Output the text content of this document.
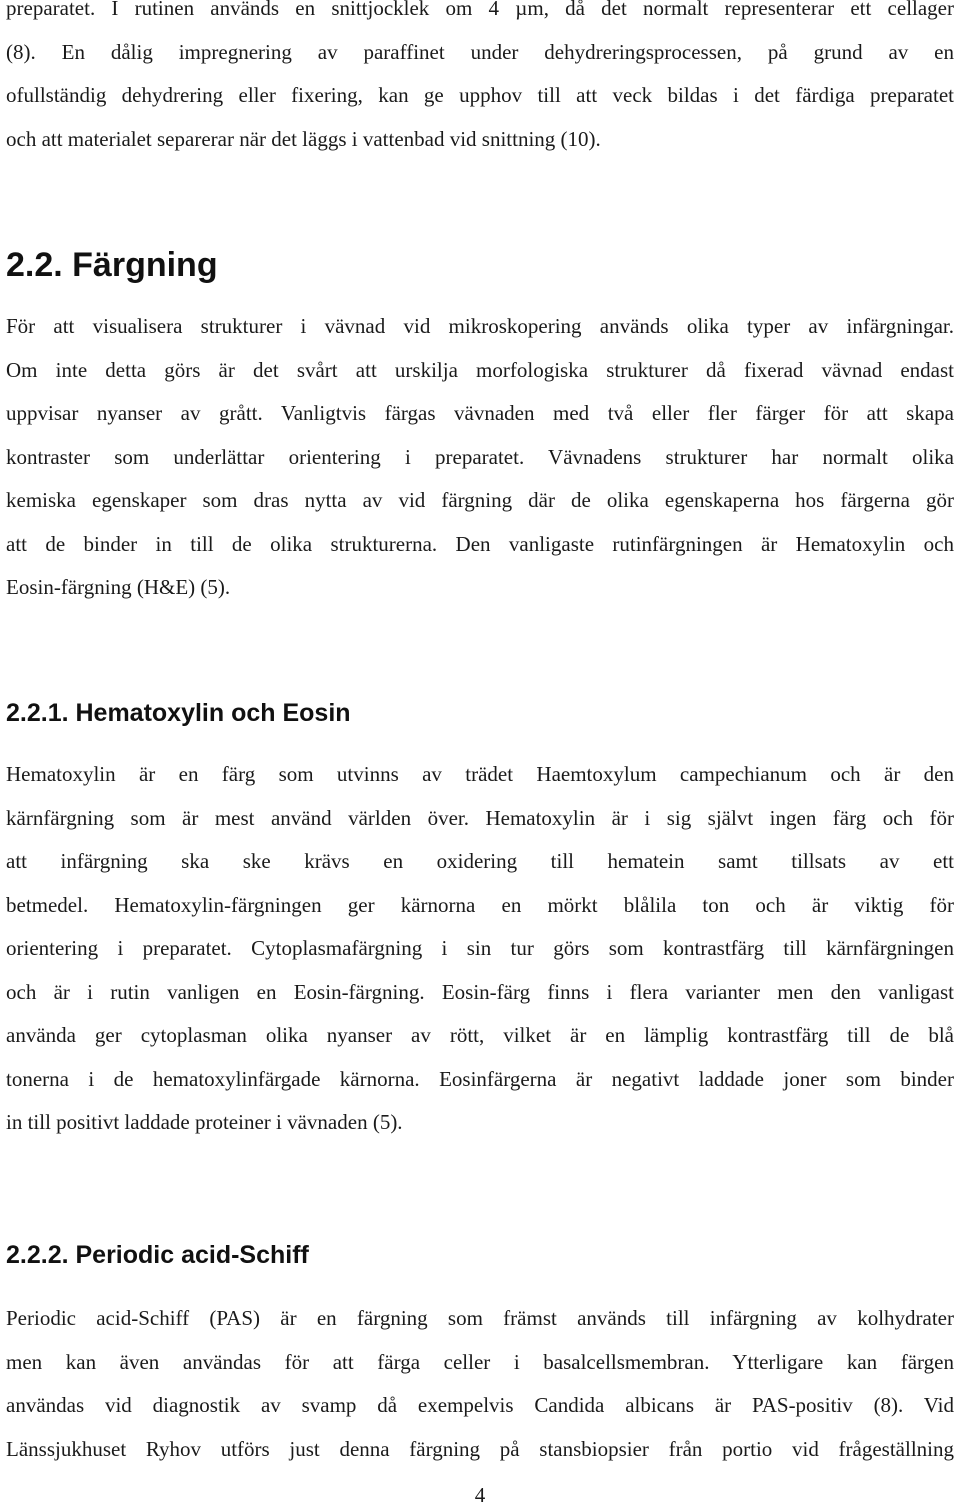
preparatet. I rutinen används en snittjocklek om 4 µm, då det normalt representerar ett cellager
(8). En dålig impregnering av paraffinet under dehydreringsprocessen, på grund av en
ofullständig dehydrering eller fixering, kan ge upphov till att veck bildas i det färdiga preparatet
och att materialet separerar när det läggs i vattenbad vid snittning (10).
2.2. Färgning
För att visualisera strukturer i vävnad vid mikroskopering används olika typer av infärgningar.
Om inte detta görs är det svårt att urskilja morfologiska strukturer då fixerad vävnad endast
uppvisar nyanser av grått. Vanligtvis färgas vävnaden med två eller fler färger för att skapa
kontraster som underlättar orientering i preparatet. Vävnadens strukturer har normalt olika
kemiska egenskaper som dras nytta av vid färgning där de olika egenskaperna hos färgerna gör
att de binder in till de olika strukturerna. Den vanligaste rutinfärgningen är Hematoxylin och
Eosin-färgning (H&E) (5).
2.2.1. Hematoxylin och Eosin
Hematoxylin är en färg som utvinns av trädet Haemtoxylum campechianum och är den
kärnfärgning som är mest använd världen över. Hematoxylin är i sig självt ingen färg och för
att infärgning ska ske krävs en oxidering till hematein samt tillsats av ett
betmedel. Hematoxylin-färgningen ger kärnorna en mörkt blålila ton och är viktig för
orientering i preparatet. Cytoplasmafärgning i sin tur görs som kontrastfärg till kärnfärgningen
och är i rutin vanligen en Eosin-färgning. Eosin-färg finns i flera varianter men den vanligast
använda ger cytoplasman olika nyanser av rött, vilket är en lämplig kontrastfärg till de blå
tonerna i de hematoxylinfärgade kärnorna. Eosinfärgerna är negativt laddade joner som binder
in till positivt laddade proteiner i vävnaden (5).
2.2.2. Periodic acid-Schiff
Periodic acid-Schiff (PAS) är en färgning som främst används till infärgning av kolhydrater
men kan även användas för att färga celler i basalcellsmembran. Ytterligare kan färgen
användas vid diagnostik av svamp då exempelvis Candida albicans är PAS-positiv (8). Vid
Länssjukhuset Ryhov utförs just denna färgning på stansbiopsier från portio vid frågeställning

4
